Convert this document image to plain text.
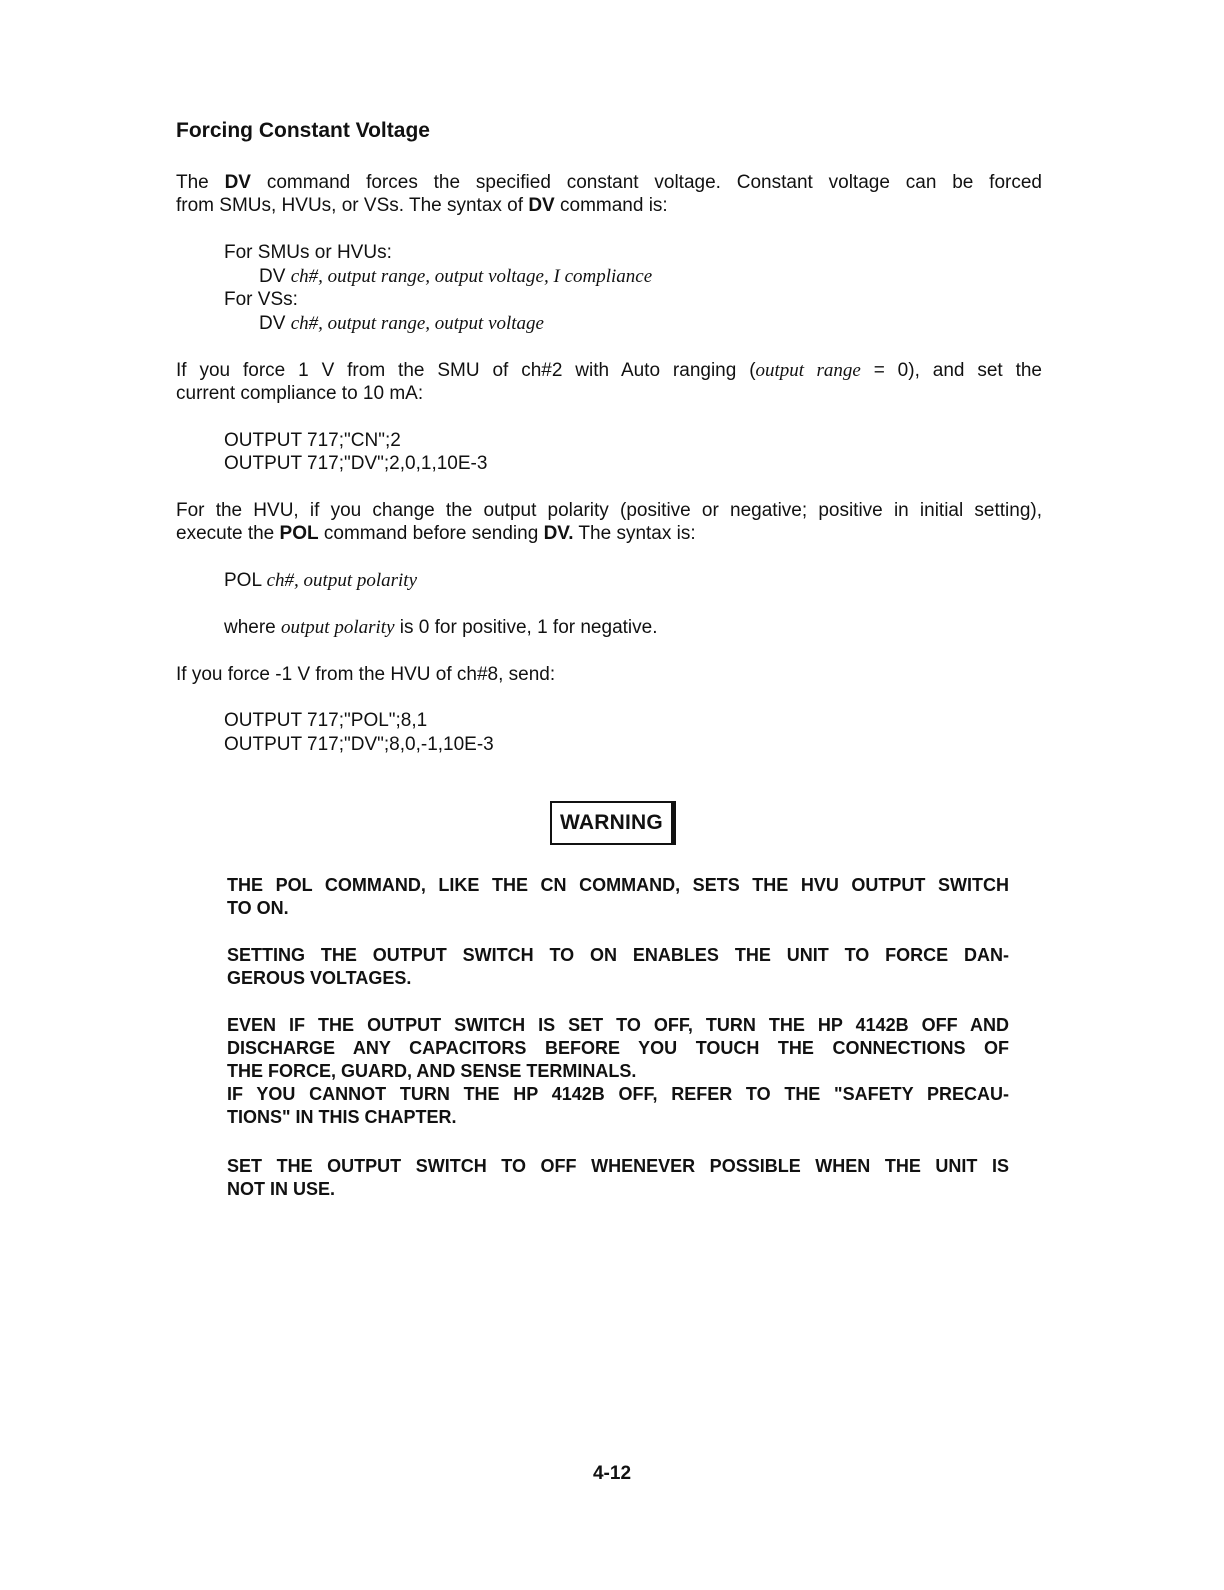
Forcing Constant Voltage
The DV command forces the specified constant voltage. Constant voltage can be forced
from SMUs, HVUs, or VSs. The syntax of DV command is:
For SMUs or HVUs:
DV ch#, output range, output voltage, I compliance
For VSs:
DV ch#, output range, output voltage
If you force 1 V from the SMU of ch#2 with Auto ranging (output range = 0), and set the
current compliance to 10 mA:
OUTPUT 717;"CN";2
OUTPUT 717;"DV";2,0,1,10E-3
For the HVU, if you change the output polarity (positive or negative; positive in initial setting),
execute the POL command before sending DV. The syntax is:
POL ch#, output polarity
where output polarity is 0 for positive, 1 for negative.
If you force -1 V from the HVU of ch#8, send:
OUTPUT 717;"POL";8,1
OUTPUT 717;"DV";8,0,-1,10E-3
WARNING
THE POL COMMAND, LIKE THE CN COMMAND, SETS THE HVU OUTPUT SWITCH
TO ON.
SETTING THE OUTPUT SWITCH TO ON ENABLES THE UNIT TO FORCE DAN-
GEROUS VOLTAGES.
EVEN IF THE OUTPUT SWITCH IS SET TO OFF, TURN THE HP 4142B OFF AND
DISCHARGE ANY CAPACITORS BEFORE YOU TOUCH THE CONNECTIONS OF
THE FORCE, GUARD, AND SENSE TERMINALS.
IF YOU CANNOT TURN THE HP 4142B OFF, REFER TO THE "SAFETY PRECAU-
TIONS" IN THIS CHAPTER.
SET THE OUTPUT SWITCH TO OFF WHENEVER POSSIBLE WHEN THE UNIT IS
NOT IN USE.
4-12
